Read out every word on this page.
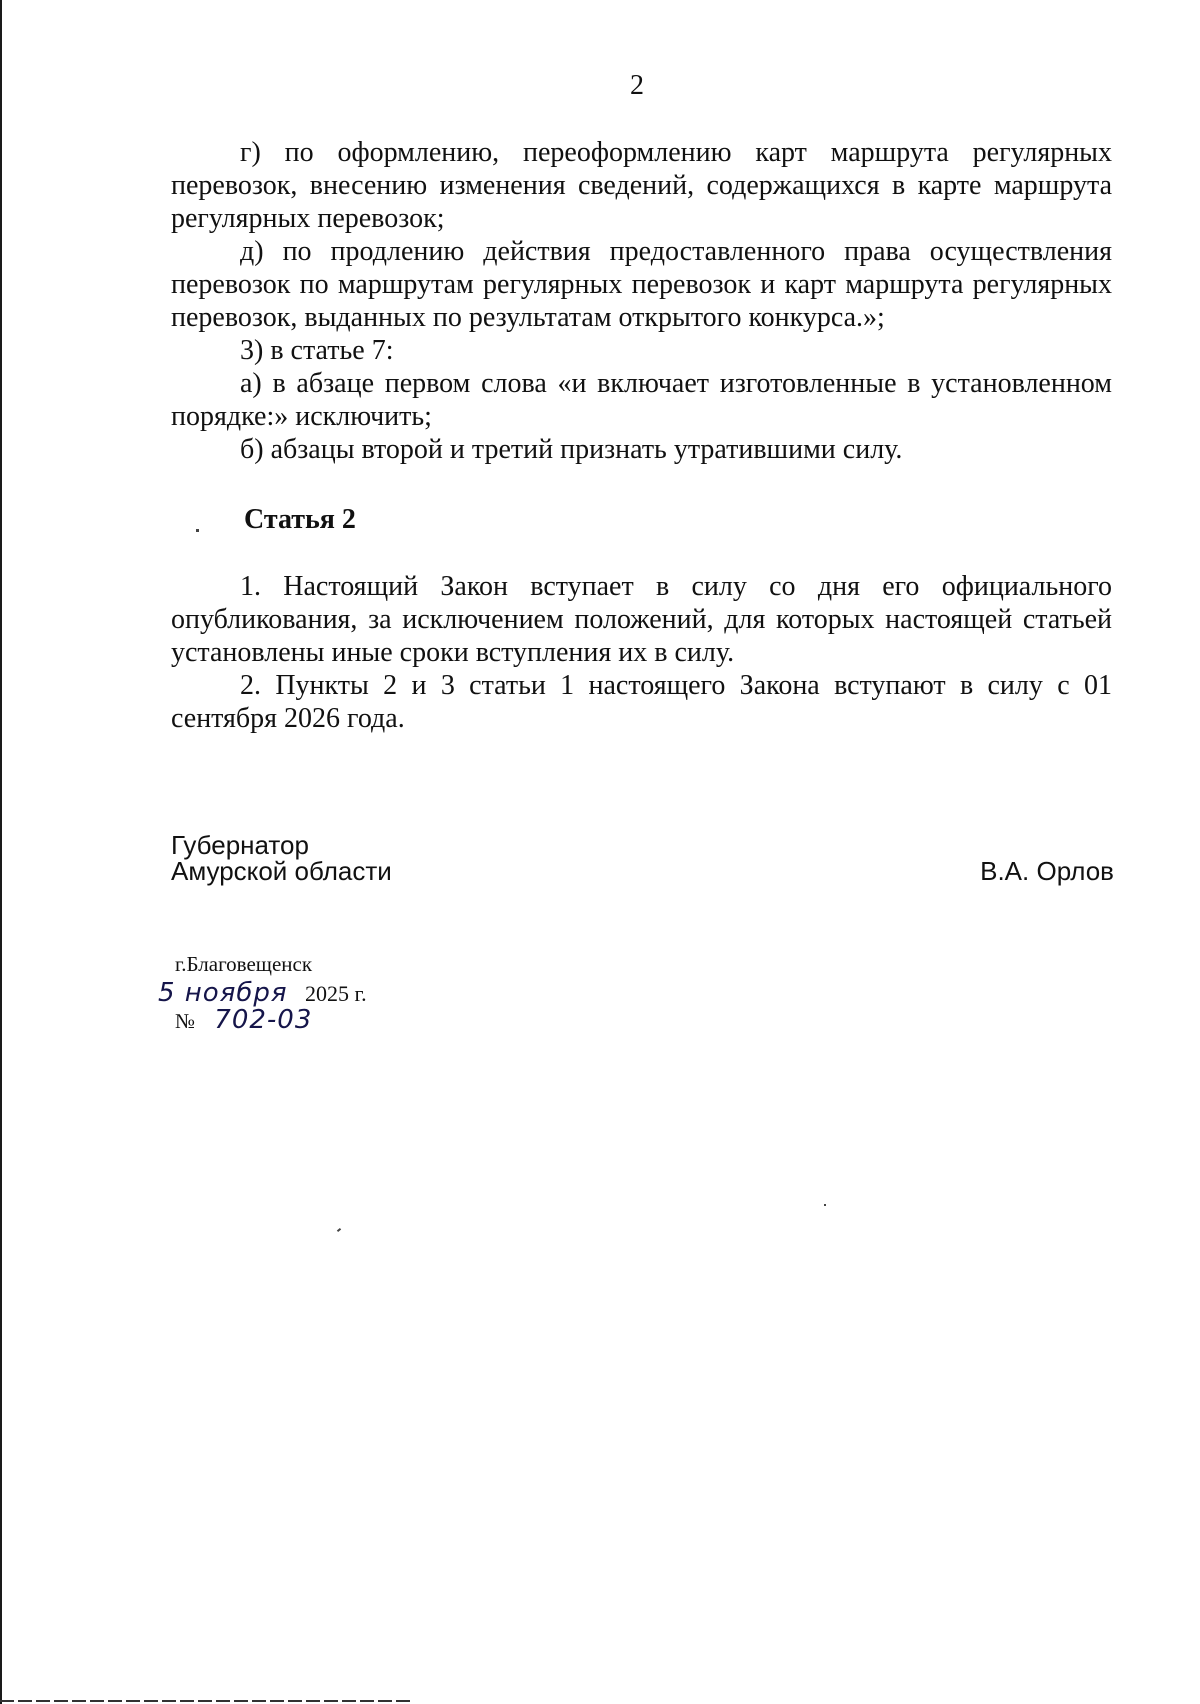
2

г) по оформлению, переоформлению карт маршрута регулярных перевозок, внесению изменения сведений, содержащихся в карте маршрута регулярных перевозок;

д) по продлению действия предоставленного права осуществления перевозок по маршрутам регулярных перевозок и карт маршрута регулярных перевозок, выданных по результатам открытого конкурса.»;

3) в статье 7:

а) в абзаце первом слова «и включает изготовленные в установленном порядке:» исключить;

б) абзацы второй и третий признать утратившими силу.

Статья 2

1. Настоящий Закон вступает в силу со дня его официального опубликования, за исключением положений, для которых настоящей статьей установлены иные сроки вступления их в силу.

2. Пункты 2 и 3 статьи 1 настоящего Закона вступают в силу с 01 сентября 2026 года.

Губернатор
Амурской области	В.А. Орлов
г.Благовещенск
5 ноября 2025 г.
№ 702-03
